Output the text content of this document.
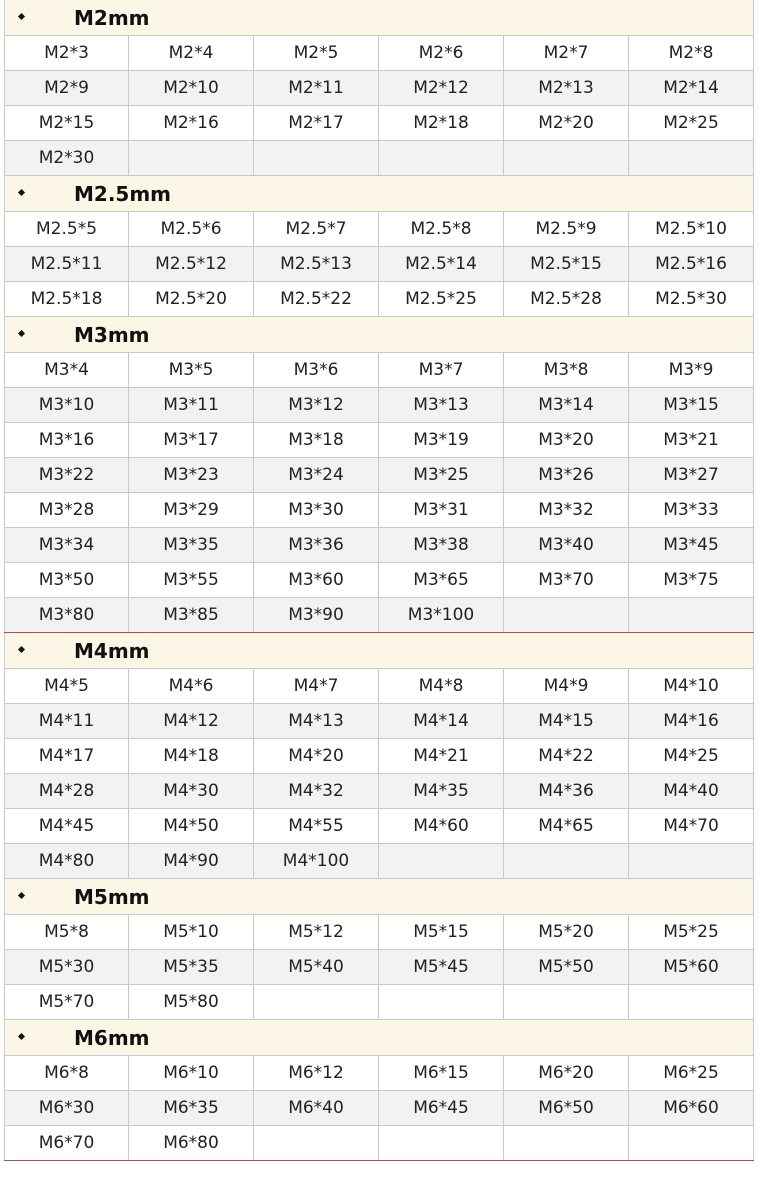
M2mm
M2*3	M2*4	M2*5	M2*6	M2*7	M2*8
M2*9	M2*10	M2*11	M2*12	M2*13	M2*14
M2*15	M2*16	M2*17	M2*18	M2*20	M2*25
M2*30
M2.5mm
M2.5*5	M2.5*6	M2.5*7	M2.5*8	M2.5*9	M2.5*10
M2.5*11	M2.5*12	M2.5*13	M2.5*14	M2.5*15	M2.5*16
M2.5*18	M2.5*20	M2.5*22	M2.5*25	M2.5*28	M2.5*30
M3mm
M3*4	M3*5	M3*6	M3*7	M3*8	M3*9
M3*10	M3*11	M3*12	M3*13	M3*14	M3*15
M3*16	M3*17	M3*18	M3*19	M3*20	M3*21
M3*22	M3*23	M3*24	M3*25	M3*26	M3*27
M3*28	M3*29	M3*30	M3*31	M3*32	M3*33
M3*34	M3*35	M3*36	M3*38	M3*40	M3*45
M3*50	M3*55	M3*60	M3*65	M3*70	M3*75
M3*80	M3*85	M3*90	M3*100
M4mm
M4*5	M4*6	M4*7	M4*8	M4*9	M4*10
M4*11	M4*12	M4*13	M4*14	M4*15	M4*16
M4*17	M4*18	M4*20	M4*21	M4*22	M4*25
M4*28	M4*30	M4*32	M4*35	M4*36	M4*40
M4*45	M4*50	M4*55	M4*60	M4*65	M4*70
M4*80	M4*90	M4*100
M5mm
M5*8	M5*10	M5*12	M5*15	M5*20	M5*25
M5*30	M5*35	M5*40	M5*45	M5*50	M5*60
M5*70	M5*80
M6mm
M6*8	M6*10	M6*12	M6*15	M6*20	M6*25
M6*30	M6*35	M6*40	M6*45	M6*50	M6*60
M6*70	M6*80
